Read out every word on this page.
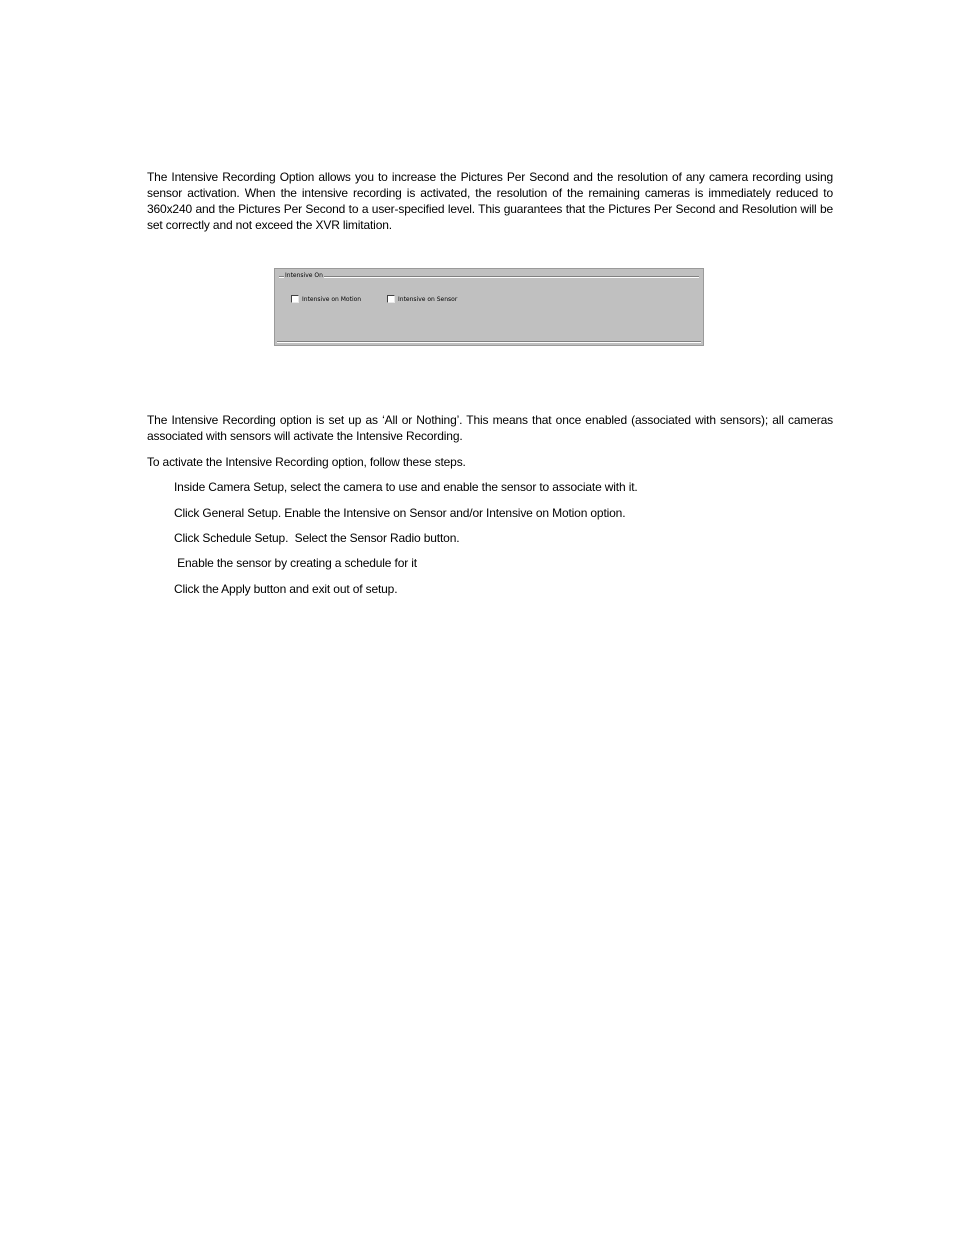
The Intensive Recording Option allows you to increase the Pictures Per Second and the resolution of any camera recording using sensor activation. When the intensive recording is activated, the resolution of the remaining cameras is immediately reduced to 360x240 and the Pictures Per Second to a user-specified level. This guarantees that the Pictures Per Second and Resolution will be set correctly and not exceed the XVR limitation.

Intensive On
Intensive on Motion	Intensive on Sensor

The Intensive Recording option is set up as ‘All or Nothing’. This means that once enabled (associated with sensors); all cameras associated with sensors will activate the Intensive Recording.

To activate the Intensive Recording option, follow these steps.

Inside Camera Setup, select the camera to use and enable the sensor to associate with it.
Click General Setup. Enable the Intensive on Sensor and/or Intensive on Motion option.
Click Schedule Setup.  Select the Sensor Radio button.
Enable the sensor by creating a schedule for it
Click the Apply button and exit out of setup.
